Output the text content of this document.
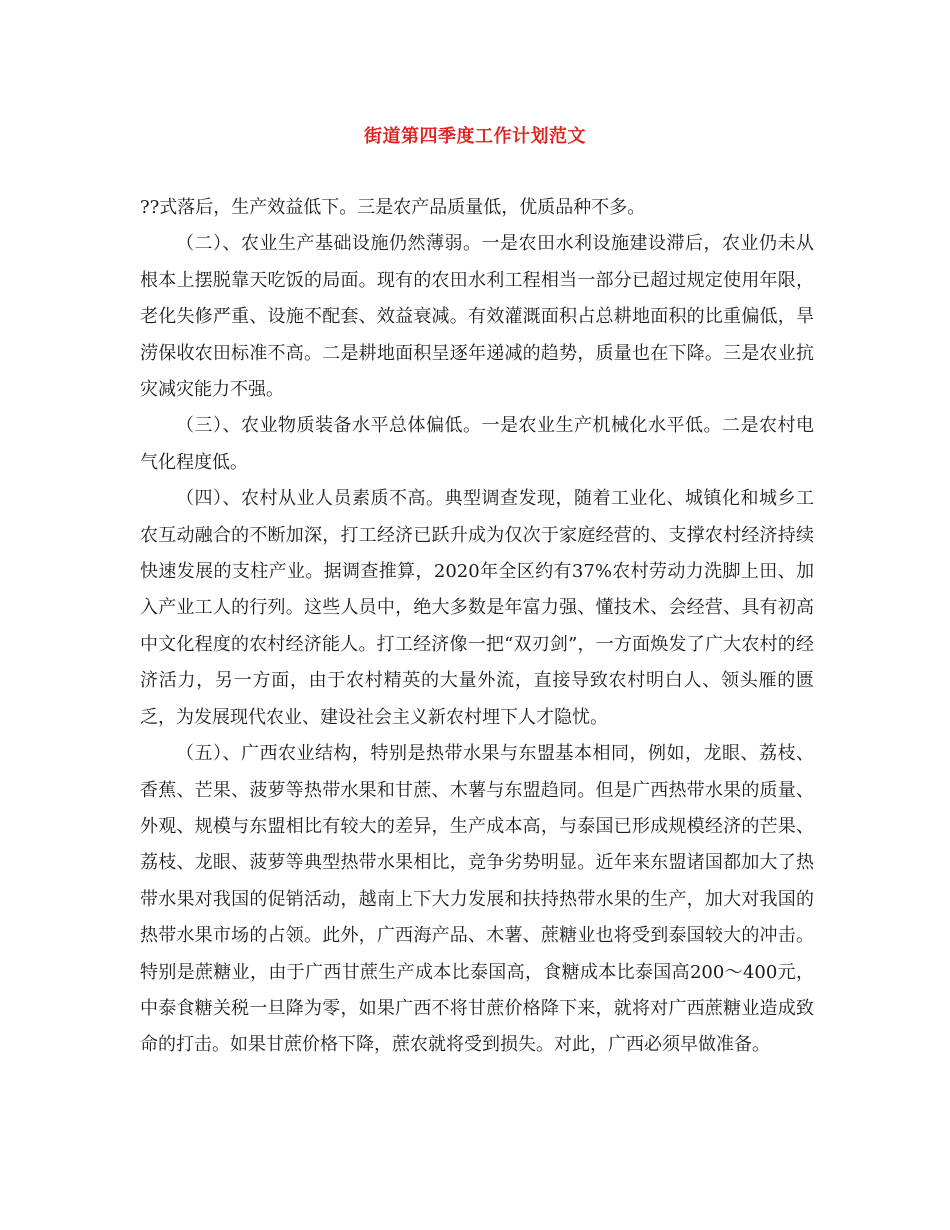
街道第四季度工作计划范文

??式落后，生产效益低下。三是农产品质量低，优质品种不多。

（二）、农业生产基础设施仍然薄弱。一是农田水利设施建设滞后，农业仍未从根本上摆脱靠天吃饭的局面。现有的农田水利工程相当一部分已超过规定使用年限，老化失修严重、设施不配套、效益衰减。有效灌溉面积占总耕地面积的比重偏低，旱涝保收农田标准不高。二是耕地面积呈逐年递减的趋势，质量也在下降。三是农业抗灾减灾能力不强。

（三）、农业物质装备水平总体偏低。一是农业生产机械化水平低。二是农村电气化程度低。

（四）、农村从业人员素质不高。典型调查发现，随着工业化、城镇化和城乡工农互动融合的不断加深，打工经济已跃升成为仅次于家庭经营的、支撑农村经济持续快速发展的支柱产业。据调查推算，2020年全区约有37%农村劳动力洗脚上田、加入产业工人的行列。这些人员中，绝大多数是年富力强、懂技术、会经营、具有初高中文化程度的农村经济能人。打工经济像一把“双刃剑”，一方面焕发了广大农村的经济活力，另一方面，由于农村精英的大量外流，直接导致农村明白人、领头雁的匮乏，为发展现代农业、建设社会主义新农村埋下人才隐忧。

（五）、广西农业结构，特别是热带水果与东盟基本相同，例如，龙眼、荔枝、香蕉、芒果、菠萝等热带水果和甘蔗、木薯与东盟趋同。但是广西热带水果的质量、外观、规模与东盟相比有较大的差异，生产成本高，与泰国已形成规模经济的芒果、荔枝、龙眼、菠萝等典型热带水果相比，竞争劣势明显。近年来东盟诸国都加大了热带水果对我国的促销活动，越南上下大力发展和扶持热带水果的生产，加大对我国的热带水果市场的占领。此外，广西海产品、木薯、蔗糖业也将受到泰国较大的冲击。特别是蔗糖业，由于广西甘蔗生产成本比泰国高，食糖成本比泰国高200～400元，中泰食糖关税一旦降为零，如果广西不将甘蔗价格降下来，就将对广西蔗糖业造成致命的打击。如果甘蔗价格下降，蔗农就将受到损失。对此，广西必须早做准备。
